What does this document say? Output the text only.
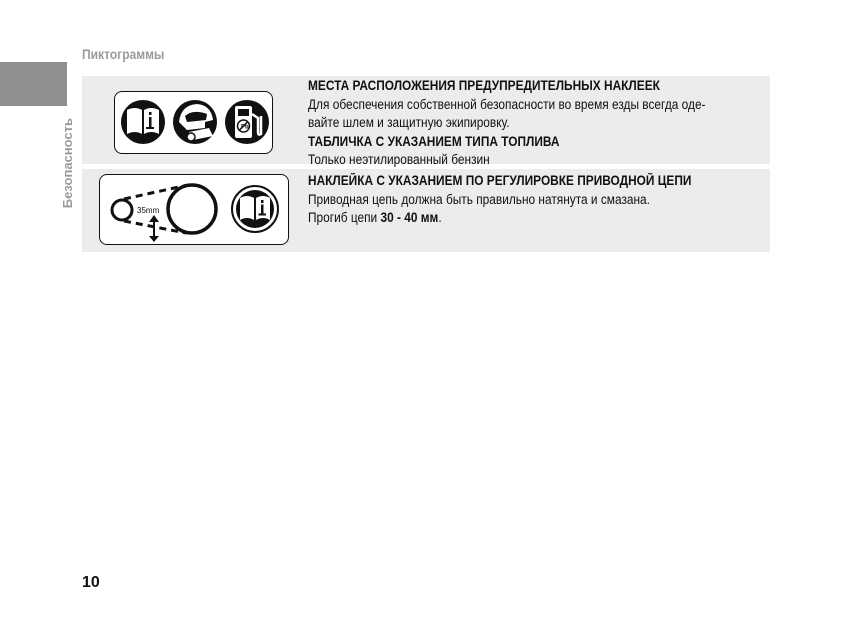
Пиктограммы
Безопасность	Pb
МЕСТА РАСПОЛОЖЕНИЯ ПРЕДУПРЕДИТЕЛЬНЫХ НАКЛЕЕК
Для обеспечения собственной безопасности во время езды всегда оде-
вайте шлем и защитную экипировку.
ТАБЛИЧКА С УКАЗАНИЕМ ТИПА ТОПЛИВА
Только неэтилированный бензин
35mm
НАКЛЕЙКА С УКАЗАНИЕМ ПО РЕГУЛИРОВКЕ ПРИВОДНОЙ ЦЕПИ
Приводная цепь должна быть правильно натянута и смазана.
Прогиб цепи 30 - 40 мм.
10
